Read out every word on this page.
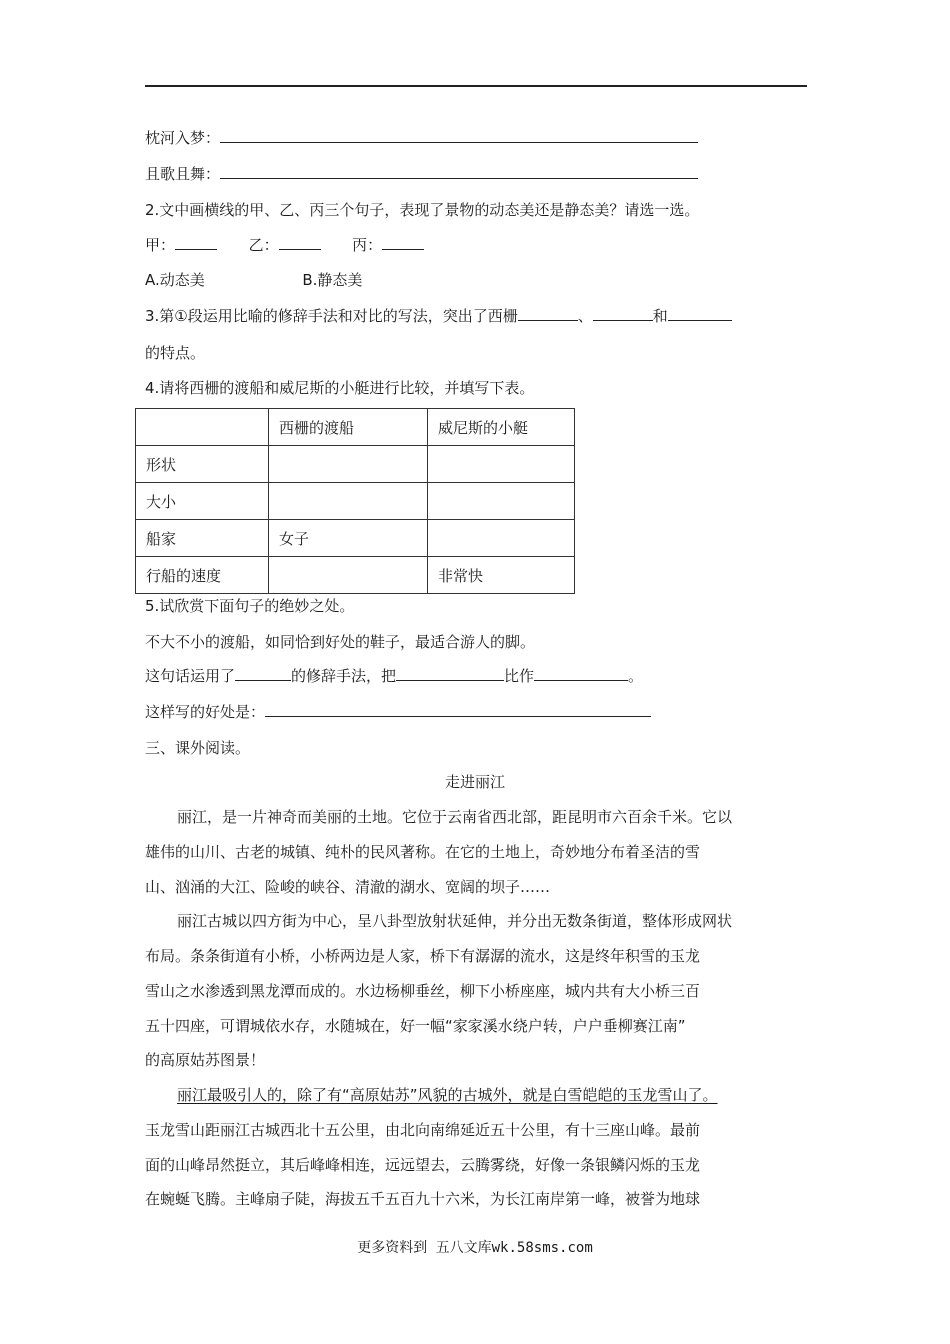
枕河入梦：
且歌且舞：
2.文中画横线的甲、乙、丙三个句子，表现了景物的动态美还是静态美？请选一选。
甲：	乙：	丙：
A.动态美	B.静态美
3.第①段运用比喻的修辞手法和对比的写法，突出了西栅	、	和
的特点。
4.请将西栅的渡船和威尼斯的小艇进行比较，并填写下表。
	西栅的渡船	威尼斯的小艇
形状		
大小		
船家	女子	
行船的速度		非常快
5.试欣赏下面句子的绝妙之处。
不大不小的渡船，如同恰到好处的鞋子，最适合游人的脚。
这句话运用了	的修辞手法，把	比作	。
这样写的好处是：
三、课外阅读。
走进丽江
丽江，是一片神奇而美丽的土地。它位于云南省西北部，距昆明市六百余千米。它以
雄伟的山川、古老的城镇、纯朴的民风著称。在它的土地上，奇妙地分布着圣洁的雪
山、汹涌的大江、险峻的峡谷、清澈的湖水、宽阔的坝子……
丽江古城以四方街为中心，呈八卦型放射状延伸，并分出无数条街道，整体形成网状
布局。条条街道有小桥，小桥两边是人家，桥下有潺潺的流水，这是终年积雪的玉龙
雪山之水渗透到黑龙潭而成的。水边杨柳垂丝，柳下小桥座座，城内共有大小桥三百
五十四座，可谓城依水存，水随城在，好一幅“家家溪水绕户转，户户垂柳赛江南”
的高原姑苏图景！
丽江最吸引人的，除了有“高原姑苏”风貌的古城外，就是白雪皑皑的玉龙雪山了。
玉龙雪山距丽江古城西北十五公里，由北向南绵延近五十公里，有十三座山峰。最前
面的山峰昂然挺立，其后峰峰相连，远远望去，云腾雾绕，好像一条银鳞闪烁的玉龙
在蜿蜒飞腾。主峰扇子陡，海拔五千五百九十六米，为长江南岸第一峰，被誉为地球
更多资料到 五八文库wk.58sms.com
